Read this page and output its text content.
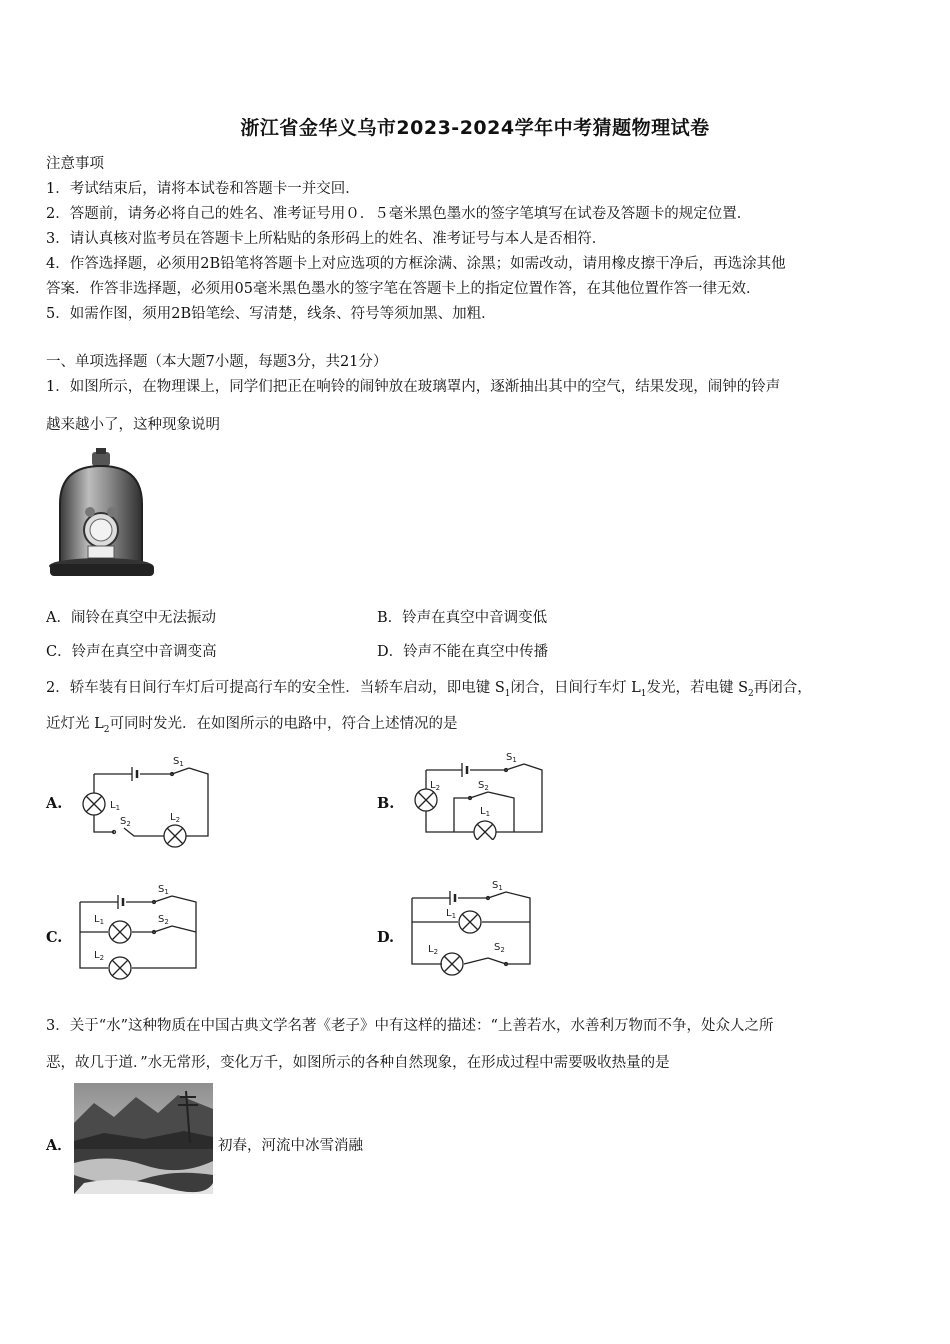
浙江省金华义乌市2023-2024学年中考猜题物理试卷
注意事项
1．考试结束后，请将本试卷和答题卡一并交回．
2．答题前，请务必将自己的姓名、准考证号用０．５毫米黑色墨水的签字笔填写在试卷及答题卡的规定位置．
3．请认真核对监考员在答题卡上所粘贴的条形码上的姓名、准考证号与本人是否相符．
4．作答选择题，必须用2B铅笔将答题卡上对应选项的方框涂满、涂黑；如需改动，请用橡皮擦干净后，再选涂其他
答案．作答非选择题，必须用05毫米黑色墨水的签字笔在答题卡上的指定位置作答，在其他位置作答一律无效．
5．如需作图，须用2B铅笔绘、写清楚，线条、符号等须加黑、加粗．
一、单项选择题（本大题7小题，每题3分，共21分）
1．如图所示，在物理课上，同学们把正在响铃的闹钟放在玻璃罩内，逐渐抽出其中的空气，结果发现，闹钟的铃声
越来越小了，这种现象说明
A．闹铃在真空中无法振动	B．铃声在真空中音调变低
C．铃声在真空中音调变高	D．铃声不能在真空中传播
2．轿车装有日间行车灯后可提高行车的安全性．当轿车启动，即电键 $S_1$闭合，日间行车灯 $L_1$发光，若电键 $S_2$再闭合，
近灯光 $L_2$可同时发光．在如图所示的电路中，符合上述情况的是
A.	B.
C.	D.
$S_1$
$L_1$
$S_2$
$L_2$
$S_1$
$L_2$	$S_2$
$L_1$
$S_1$
$L_1$	$S_2$
$L_2$
$S_1$
$L_1$
$L_2$	$S_2$
3．关于“水”这种物质在中国古典文学名著《老子》中有这样的描述：“上善若水，水善利万物而不争，处众人之所
恶，故几于道．”水无常形，变化万千，如图所示的各种自然现象，在形成过程中需要吸收热量的是
A．	初春，河流中冰雪消融
